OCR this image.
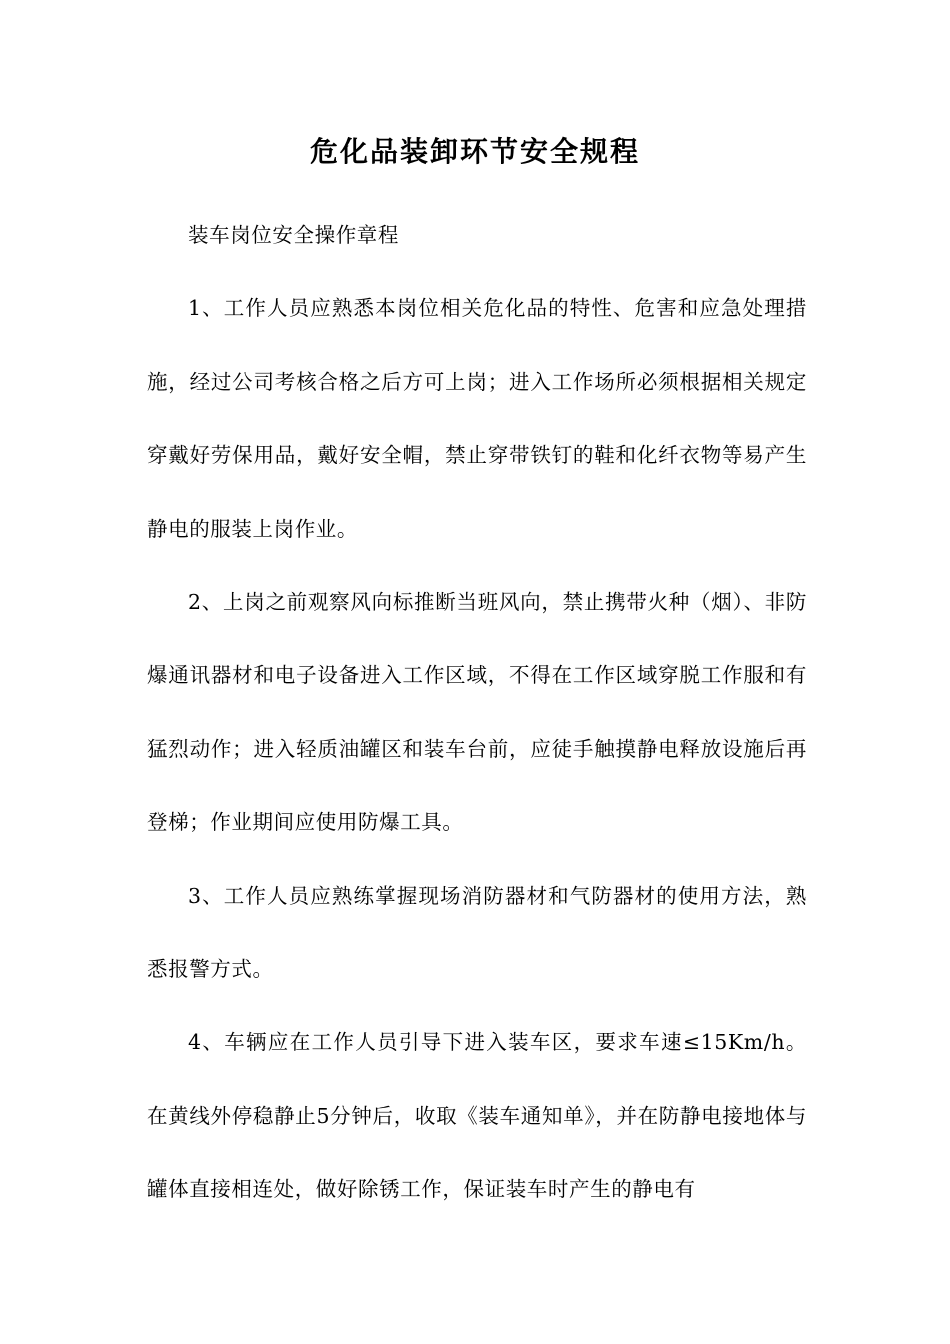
危化品装卸环节安全规程

装车岗位安全操作章程

1、工作人员应熟悉本岗位相关危化品的特性、危害和应急处理措施，经过公司考核合格之后方可上岗；进入工作场所必须根据相关规定穿戴好劳保用品，戴好安全帽，禁止穿带铁钉的鞋和化纤衣物等易产生静电的服装上岗作业。

2、上岗之前观察风向标推断当班风向，禁止携带火种（烟）、非防爆通讯器材和电子设备进入工作区域，不得在工作区域穿脱工作服和有猛烈动作；进入轻质油罐区和装车台前，应徒手触摸静电释放设施后再登梯；作业期间应使用防爆工具。

3、工作人员应熟练掌握现场消防器材和气防器材的使用方法，熟悉报警方式。

4、车辆应在工作人员引导下进入装车区，要求车速≤15Km/h。在黄线外停稳静止5分钟后，收取《装车通知单》，并在防静电接地体与罐体直接相连处，做好除锈工作，保证装车时产生的静电有
